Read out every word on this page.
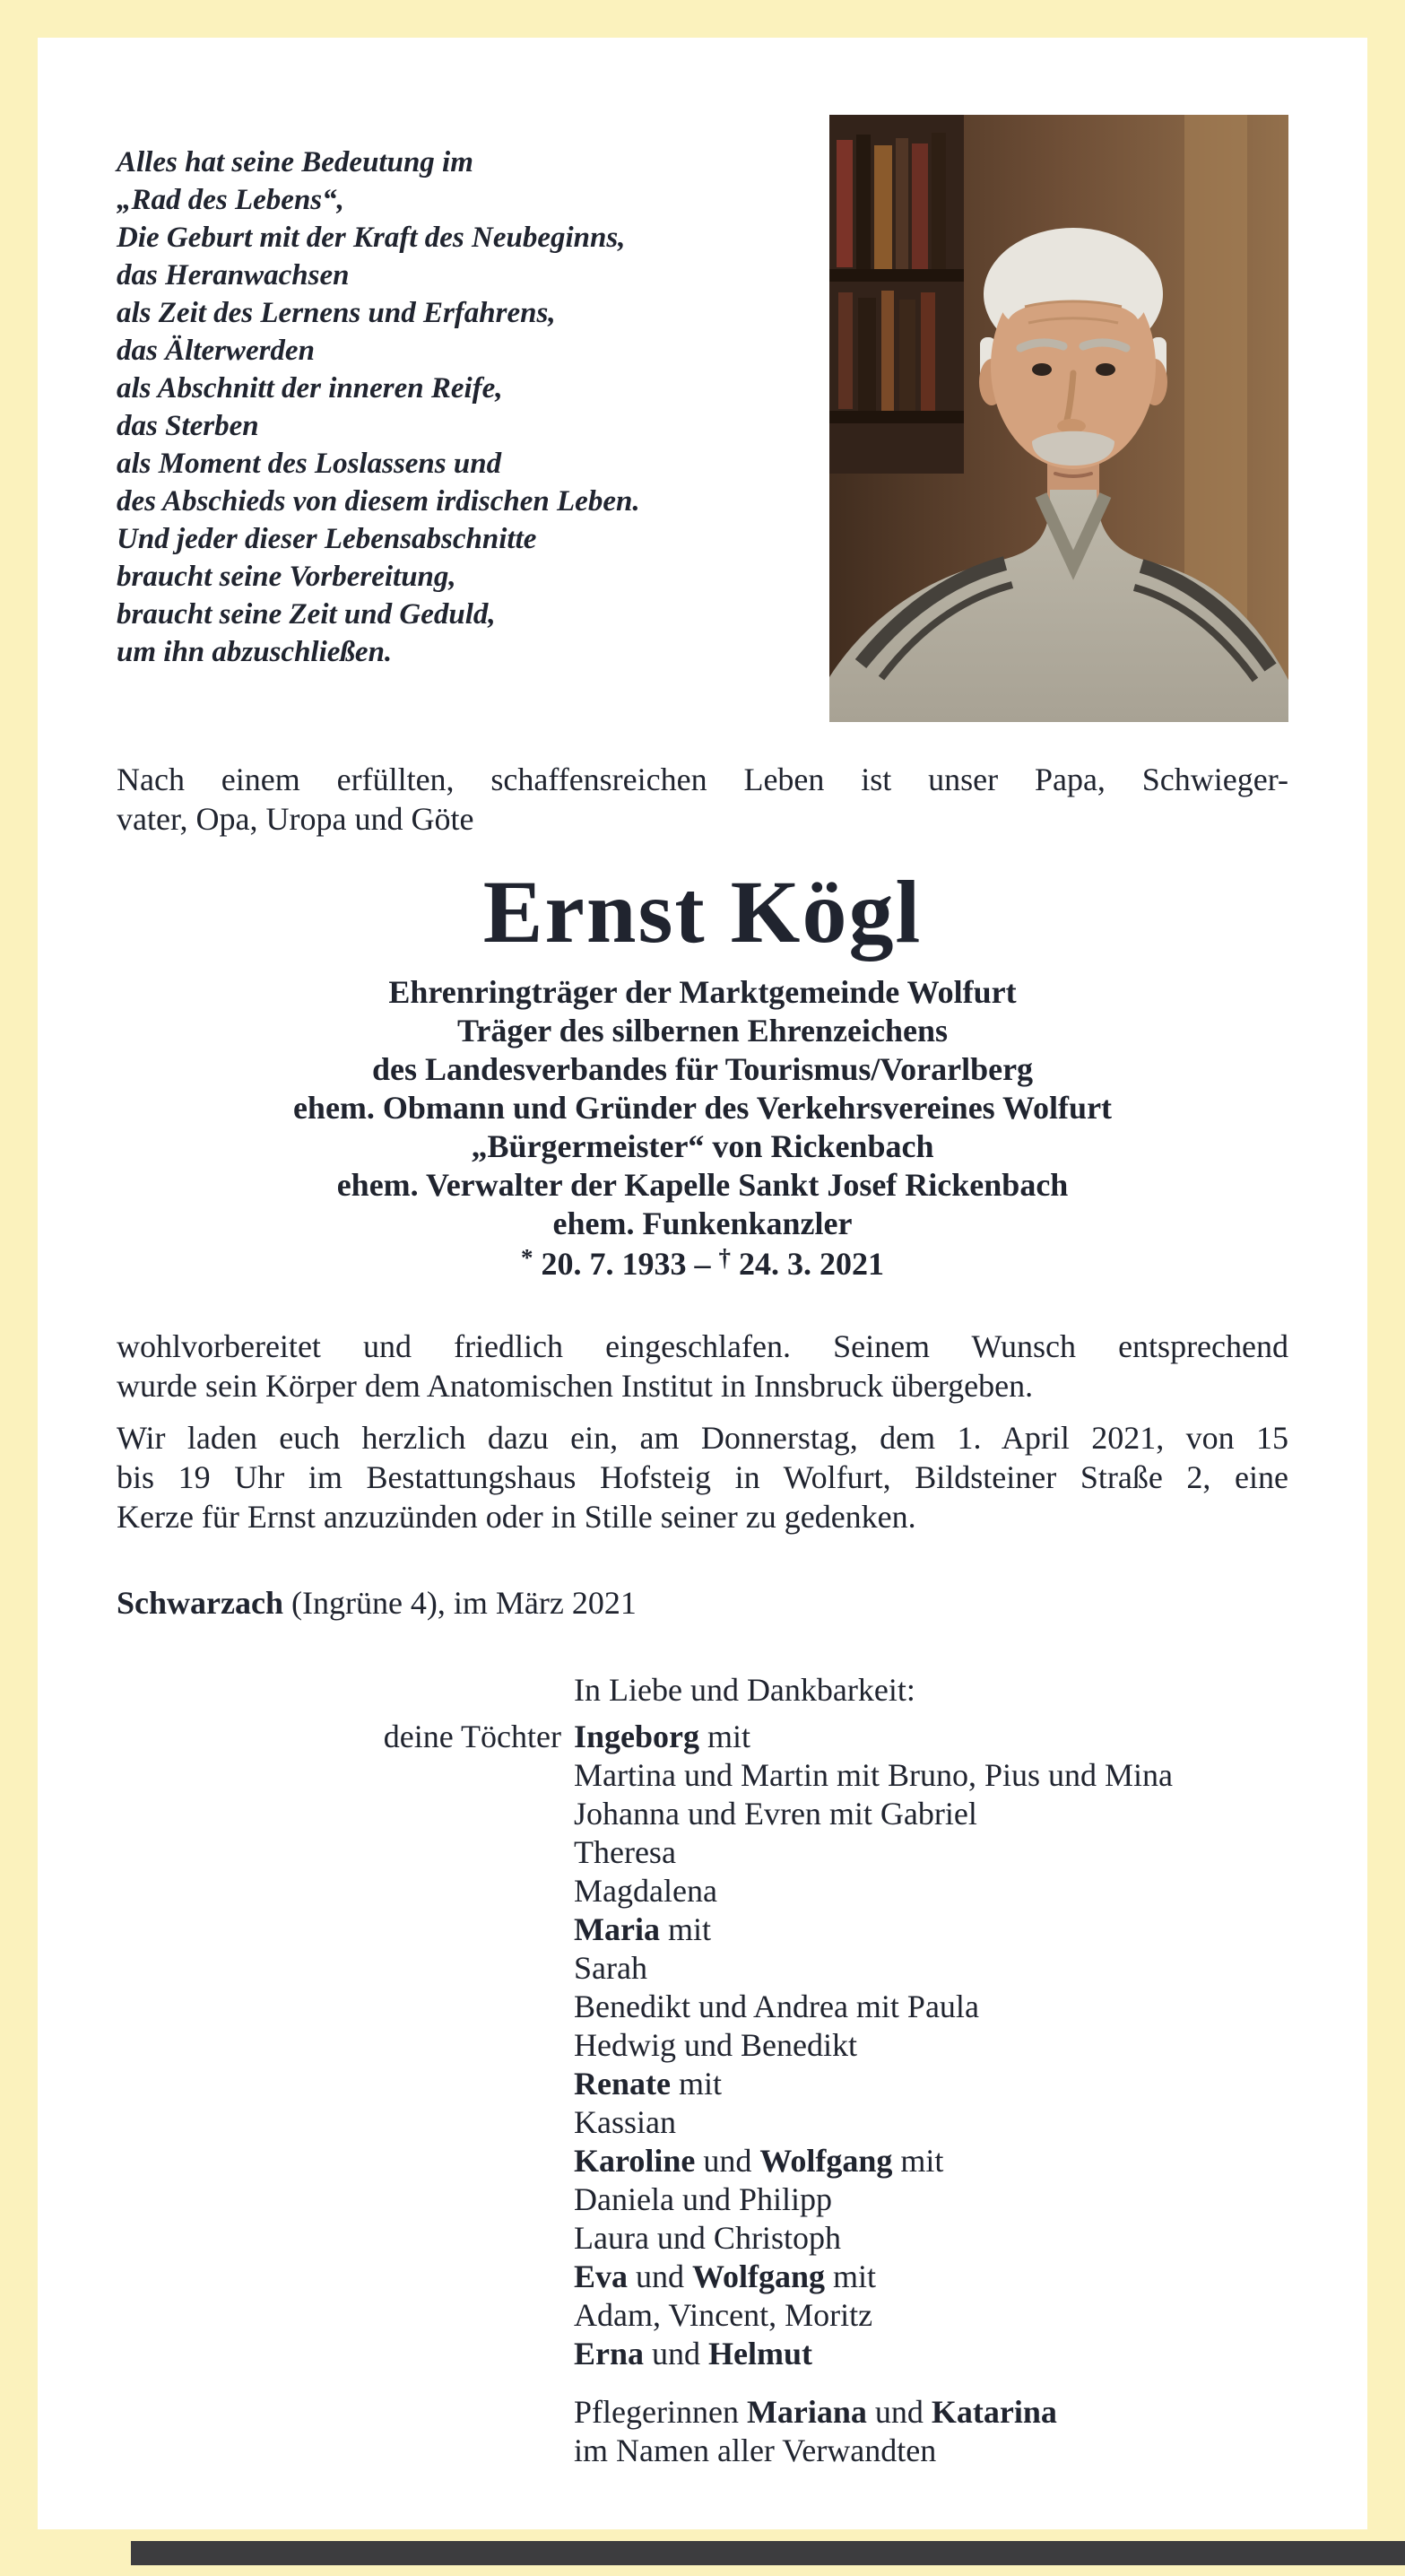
Alles hat seine Bedeutung im
„Rad des Lebens“,
Die Geburt mit der Kraft des Neubeginns,
das Heranwachsen
als Zeit des Lernens und Erfahrens,
das Älterwerden
als Abschnitt der inneren Reife,
das Sterben
als Moment des Loslassens und
des Abschieds von diesem irdischen Leben.
Und jeder dieser Lebensabschnitte
braucht seine Vorbereitung,
braucht seine Zeit und Geduld,
um ihn abzuschließen.
Nach einem erfüllten, schaffensreichen Leben ist unser Papa, Schwieger-
vater, Opa, Uropa und Göte
Ernst Kögl
Ehrenringträger der Marktgemeinde Wolfurt
Träger des silbernen Ehrenzeichens
des Landesverbandes für Tourismus/Vorarlberg
ehem. Obmann und Gründer des Verkehrsvereines Wolfurt
„Bürgermeister“ von Rickenbach
ehem. Verwalter der Kapelle Sankt Josef Rickenbach
ehem. Funkenkanzler
* 20. 7. 1933 – † 24. 3. 2021
wohlvorbereitet und friedlich eingeschlafen. Seinem Wunsch entsprechend
wurde sein Körper dem Anatomischen Institut in Innsbruck übergeben.
Wir laden euch herzlich dazu ein, am Donnerstag, dem 1. April 2021, von 15
bis 19 Uhr im Bestattungshaus Hofsteig in Wolfurt, Bildsteiner Straße 2, eine
Kerze für Ernst anzuzünden oder in Stille seiner zu gedenken.
Schwarzach (Ingrüne 4), im März 2021
In Liebe und Dankbarkeit:
deine Töchter Ingeborg mit
Martina und Martin mit Bruno, Pius und Mina
Johanna und Evren mit Gabriel
Theresa
Magdalena
Maria mit
Sarah
Benedikt und Andrea mit Paula
Hedwig und Benedikt
Renate mit
Kassian
Karoline und Wolfgang mit
Daniela und Philipp
Laura und Christoph
Eva und Wolfgang mit
Adam, Vincent, Moritz
Erna und Helmut
Pflegerinnen Mariana und Katarina
im Namen aller Verwandten
